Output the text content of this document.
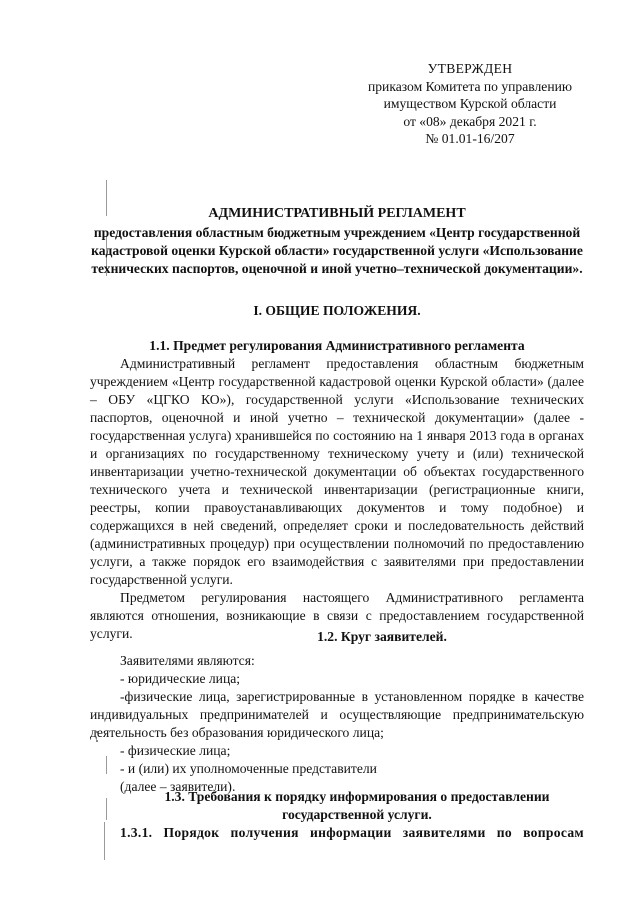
УТВЕРЖДЕН
приказом Комитета по управлению
имуществом Курской области
от «08» декабря 2021 г.
№ 01.01-16/207
АДМИНИСТРАТИВНЫЙ РЕГЛАМЕНТ
предоставления областным бюджетным учреждением «Центр государственной кадастровой оценки Курской области» государственной услуги «Использование технических паспортов, оценочной и иной учетно–технической документации».
I. ОБЩИЕ ПОЛОЖЕНИЯ.
1.1. Предмет регулирования Административного регламента

Административный регламент предоставления областным бюджетным учреждением «Центр государственной кадастровой оценки Курской области» (далее – ОБУ «ЦГКО КО»), государственной услуги «Использование технических паспортов, оценочной и иной учетно – технической документации» (далее - государственная услуга) хранившейся по состоянию на 1 января 2013 года в органах и организациях по государственному техническому учету и (или) технической инвентаризации учетно-технической документации об объектах государственного технического учета и технической инвентаризации (регистрационные книги, реестры, копии правоустанавливающих документов и тому подобное) и содержащихся в ней сведений, определяет сроки и последовательность действий (административных процедур) при осуществлении полномочий по предоставлению услуги, а также порядок его взаимодействия с заявителями при предоставлении государственной услуги.

Предметом регулирования настоящего Административного регламента являются отношения, возникающие в связи с предоставлением государственной услуги.	1.2. Круг заявителей.

Заявителями являются:

- юридические лица;

-физические лица, зарегистрированные в установленном порядке в качестве индивидуальных предпринимателей и осуществляющие предпринимательскую деятельность без образования юридического лица;

- физические лица;

- и (или) их уполномоченные представители

(далее – заявители).

1.3. Требования к порядку информирования о предоставлении государственной услуги.

1.3.1. Порядок получения информации заявителями по вопросам
